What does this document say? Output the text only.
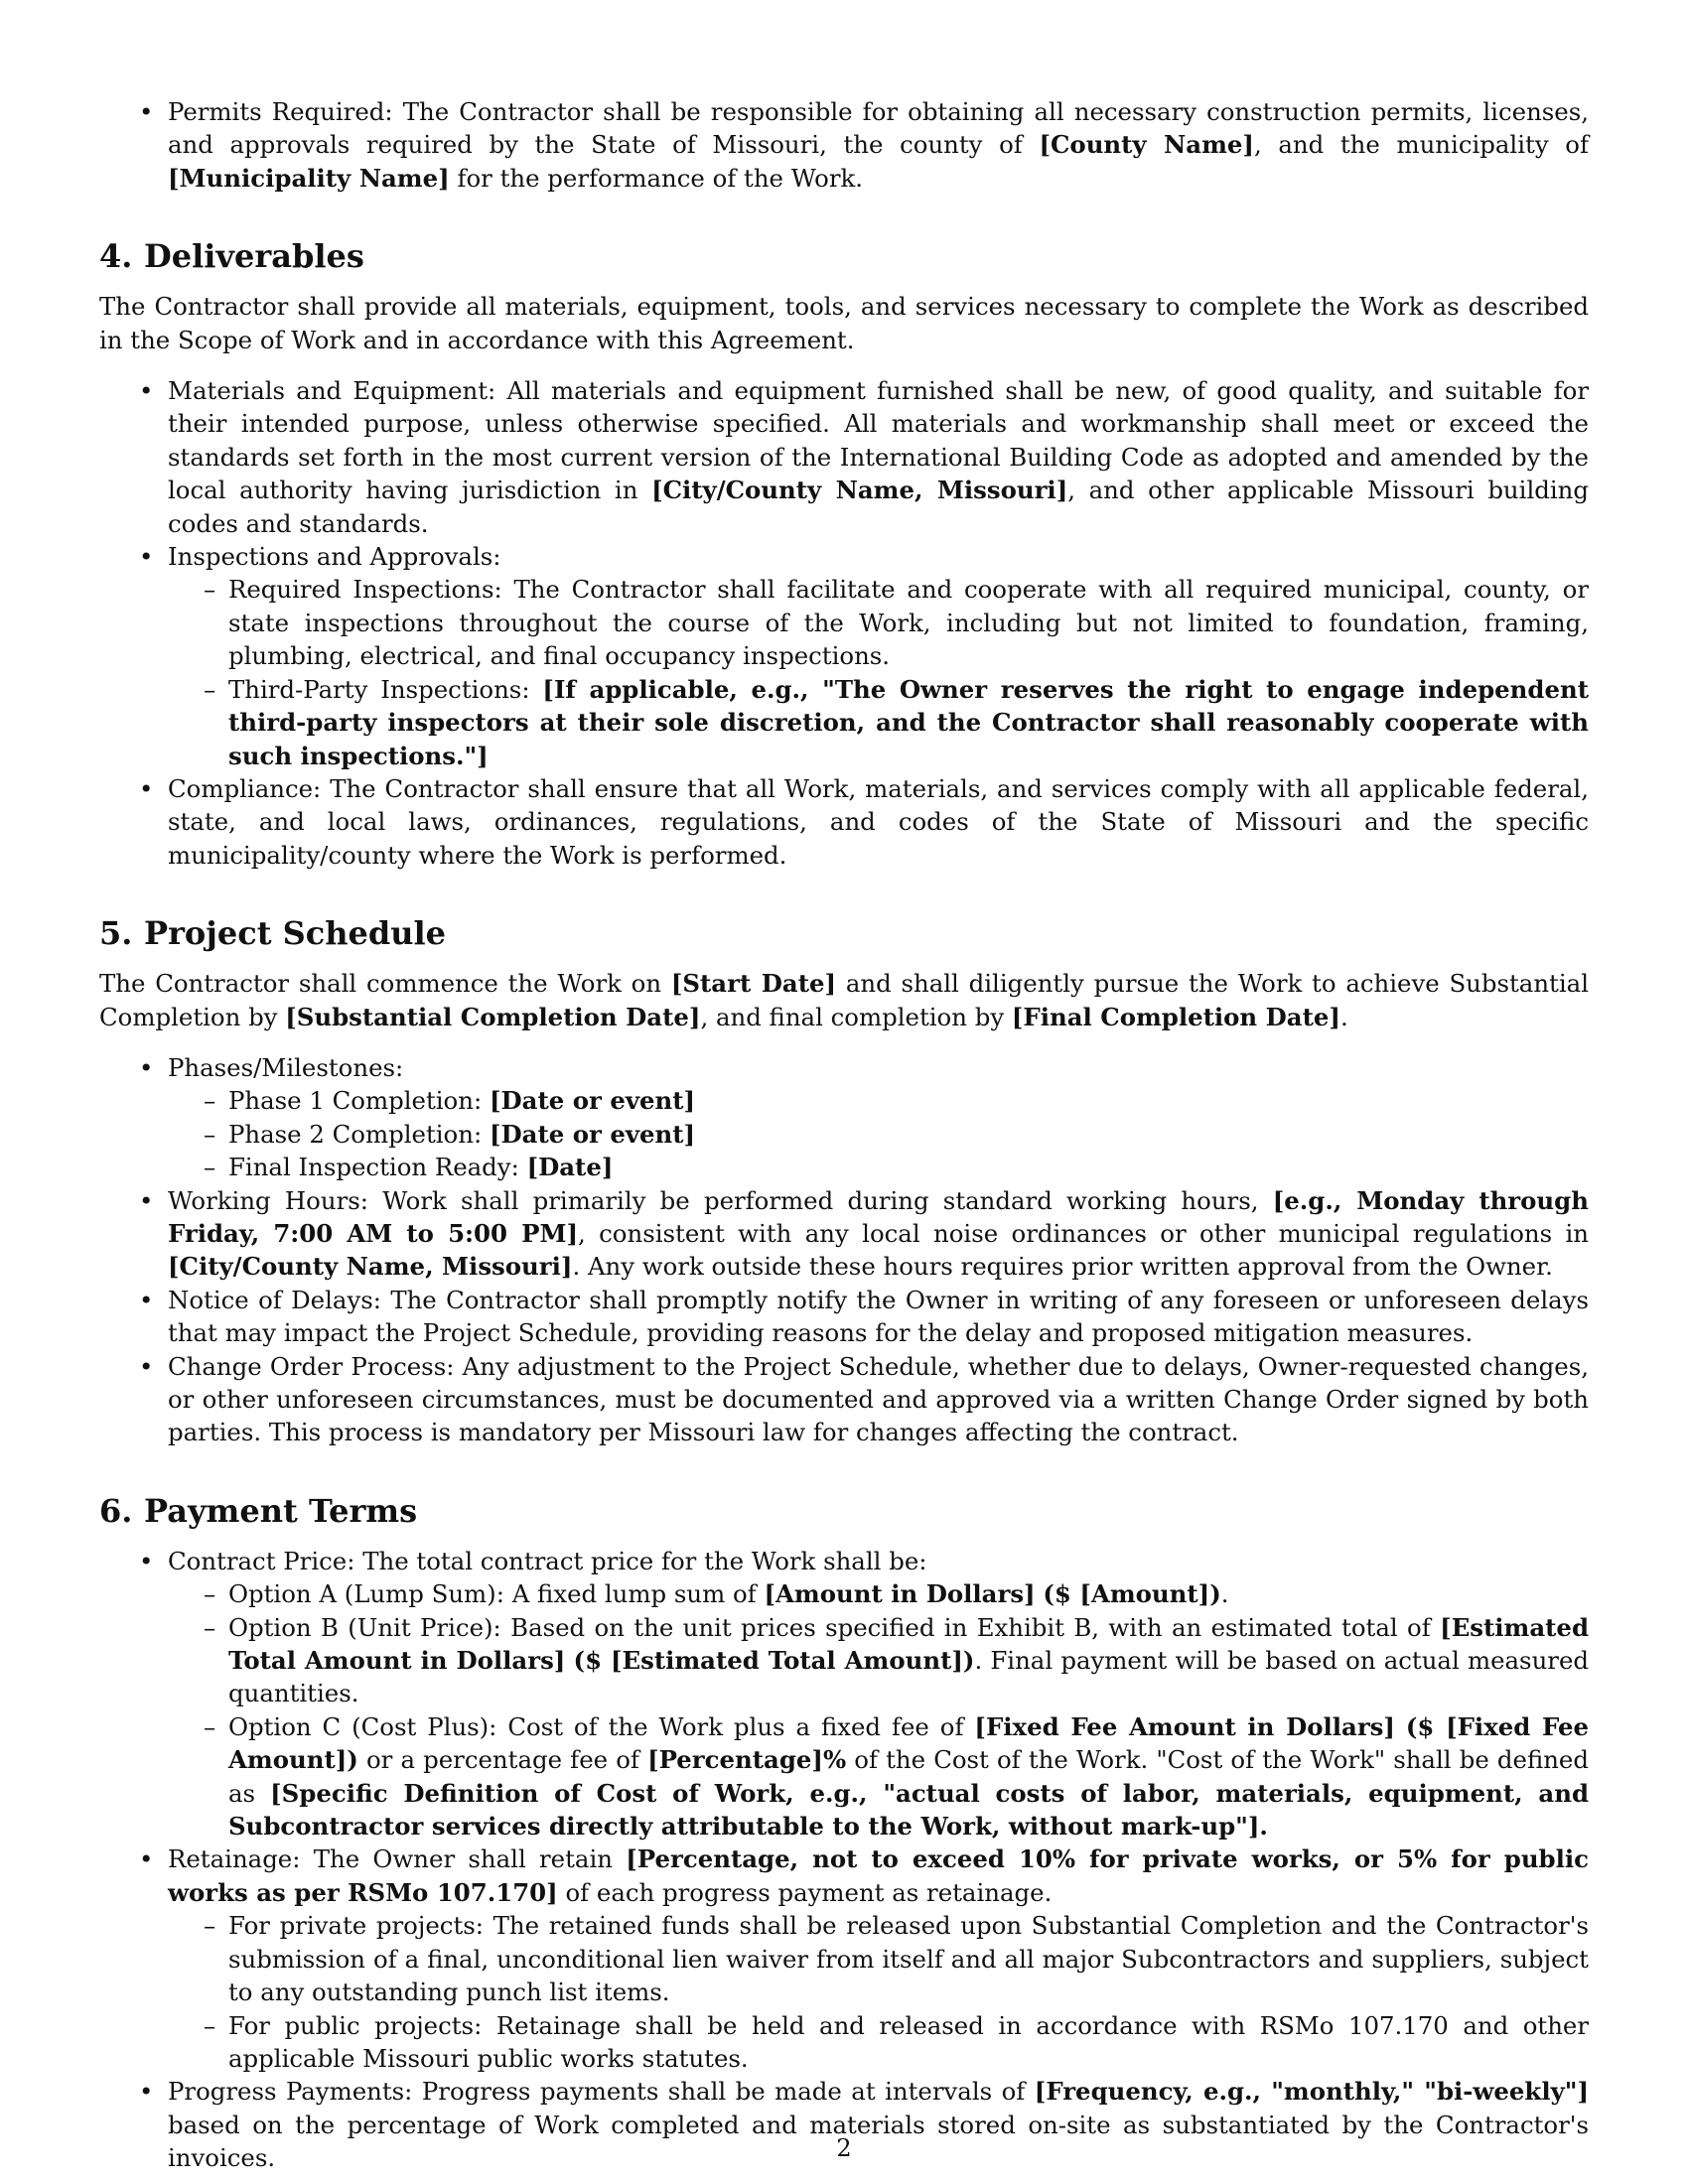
• Permits Required: The Contractor shall be responsible for obtaining all necessary construction permits, licenses, and approvals required by the State of Missouri, the county of [County Name], and the municipality of [Municipality Name] for the performance of the Work.
4. Deliverables

The Contractor shall provide all materials, equipment, tools, and services necessary to complete the Work as described in the Scope of Work and in accordance with this Agreement.

• Materials and Equipment: All materials and equipment furnished shall be new, of good quality, and suitable for their intended purpose, unless otherwise specified. All materials and workmanship shall meet or exceed the standards set forth in the most current version of the International Building Code as adopted and amended by the local authority having jurisdiction in [City/County Name, Missouri], and other applicable Missouri building codes and standards.
• Inspections and Approvals:
– Required Inspections: The Contractor shall facilitate and cooperate with all required municipal, county, or state inspections throughout the course of the Work, including but not limited to foundation, framing, plumbing, electrical, and final occupancy inspections.
– Third-Party Inspections: [If applicable, e.g., "The Owner reserves the right to engage independent third-party inspectors at their sole discretion, and the Contractor shall reasonably cooperate with such inspections."]
• Compliance: The Contractor shall ensure that all Work, materials, and services comply with all applicable federal, state, and local laws, ordinances, regulations, and codes of the State of Missouri and the specific municipality/county where the Work is performed.
5. Project Schedule

The Contractor shall commence the Work on [Start Date] and shall diligently pursue the Work to achieve Substantial Completion by [Substantial Completion Date], and final completion by [Final Completion Date].

• Phases/Milestones:
– Phase 1 Completion: [Date or event]
– Phase 2 Completion: [Date or event]
– Final Inspection Ready: [Date]
• Working Hours: Work shall primarily be performed during standard working hours, [e.g., Monday through Friday, 7:00 AM to 5:00 PM], consistent with any local noise ordinances or other municipal regulations in [City/County Name, Missouri]. Any work outside these hours requires prior written approval from the Owner.
• Notice of Delays: The Contractor shall promptly notify the Owner in writing of any foreseen or unforeseen delays that may impact the Project Schedule, providing reasons for the delay and proposed mitigation measures.
• Change Order Process: Any adjustment to the Project Schedule, whether due to delays, Owner-requested changes, or other unforeseen circumstances, must be documented and approved via a written Change Order signed by both parties. This process is mandatory per Missouri law for changes affecting the contract.
6. Payment Terms
• Contract Price: The total contract price for the Work shall be:
– Option A (Lump Sum): A fixed lump sum of [Amount in Dollars] ($ [Amount]).
– Option B (Unit Price): Based on the unit prices specified in Exhibit B, with an estimated total of [Estimated Total Amount in Dollars] ($ [Estimated Total Amount]). Final payment will be based on actual measured quantities.
– Option C (Cost Plus): Cost of the Work plus a fixed fee of [Fixed Fee Amount in Dollars] ($ [Fixed Fee Amount]) or a percentage fee of [Percentage]% of the Cost of the Work. "Cost of the Work" shall be defined as [Specific Definition of Cost of Work, e.g., "actual costs of labor, materials, equipment, and Subcontractor services directly attributable to the Work, without mark-up"].
• Retainage: The Owner shall retain [Percentage, not to exceed 10% for private works, or 5% for public works as per RSMo 107.170] of each progress payment as retainage.
– For private projects: The retained funds shall be released upon Substantial Completion and the Contractor's submission of a final, unconditional lien waiver from itself and all major Subcontractors and suppliers, subject to any outstanding punch list items.
– For public projects: Retainage shall be held and released in accordance with RSMo 107.170 and other applicable Missouri public works statutes.
• Progress Payments: Progress payments shall be made at intervals of [Frequency, e.g., "monthly," "bi-weekly"] based on the percentage of Work completed and materials stored on-site as substantiated by the Contractor's invoices.	2
